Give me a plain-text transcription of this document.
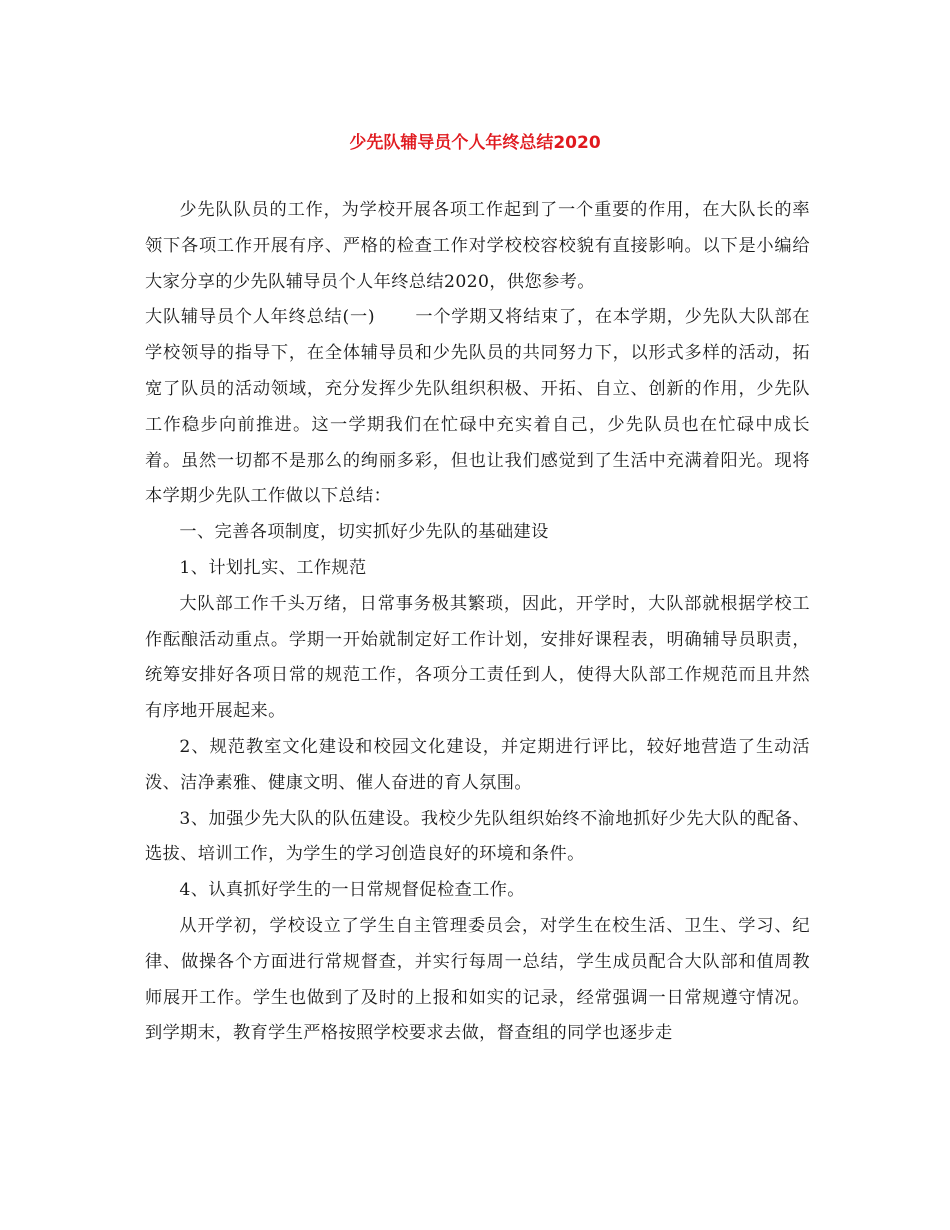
少先队辅导员个人年终总结2020

少先队队员的工作，为学校开展各项工作起到了一个重要的作用，在大队长的率领下各项工作开展有序、严格的检查工作对学校校容校貌有直接影响。以下是小编给大家分享的少先队辅导员个人年终总结2020，供您参考。

大队辅导员个人年终总结(一) 一个学期又将结束了，在本学期，少先队大队部在学校领导的指导下，在全体辅导员和少先队员的共同努力下，以形式多样的活动，拓宽了队员的活动领域，充分发挥少先队组织积极、开拓、自立、创新的作用，少先队工作稳步向前推进。这一学期我们在忙碌中充实着自己，少先队员也在忙碌中成长着。虽然一切都不是那么的绚丽多彩，但也让我们感觉到了生活中充满着阳光。现将本学期少先队工作做以下总结：

一、完善各项制度，切实抓好少先队的基础建设

1、计划扎实、工作规范

大队部工作千头万绪，日常事务极其繁琐，因此，开学时，大队部就根据学校工作酝酿活动重点。学期一开始就制定好工作计划，安排好课程表，明确辅导员职责，统筹安排好各项日常的规范工作，各项分工责任到人，使得大队部工作规范而且井然有序地开展起来。

2、规范教室文化建设和校园文化建设，并定期进行评比，较好地营造了生动活泼、洁净素雅、健康文明、催人奋进的育人氛围。

3、加强少先大队的队伍建设。我校少先队组织始终不渝地抓好少先大队的配备、选拔、培训工作，为学生的学习创造良好的环境和条件。

4、认真抓好学生的一日常规督促检查工作。

从开学初，学校设立了学生自主管理委员会，对学生在校生活、卫生、学习、纪律、做操各个方面进行常规督查，并实行每周一总结，学生成员配合大队部和值周教师展开工作。学生也做到了及时的上报和如实的记录，经常强调一日常规遵守情况。到学期末，教育学生严格按照学校要求去做，督查组的同学也逐步走
